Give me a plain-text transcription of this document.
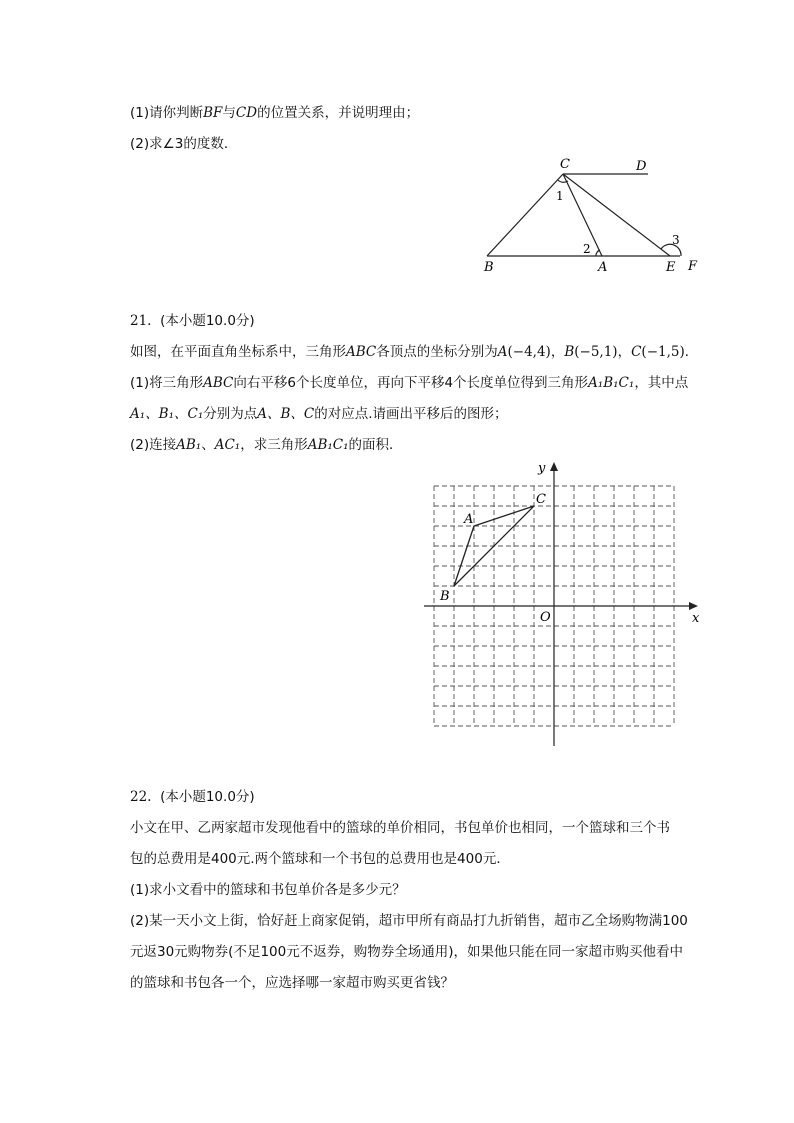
(1)请你判断BF与CD的位置关系，并说明理由；
(2)求∠3的度数．
C	D
B	A	E F
1
2
3
21. (本小题10.0分)
如图，在平面直角坐标系中，三角形ABC各顶点的坐标分别为A(−4,4)，B(−5,1)，C(−1,5)．
(1)将三角形ABC向右平移6个长度单位，再向下平移4个长度单位得到三角形A₁B₁C₁，其中点
A₁、B₁、C₁分别为点A、B、C的对应点.请画出平移后的图形；
(2)连接AB₁、AC₁，求三角形AB₁C₁的面积．
A
B
C
x
y
O
22. (本小题10.0分)
小文在甲、乙两家超市发现他看中的篮球的单价相同，书包单价也相同，一个篮球和三个书
包的总费用是400元.两个篮球和一个书包的总费用也是400元．
(1)求小文看中的篮球和书包单价各是多少元？
(2)某一天小文上街，恰好赶上商家促销，超市甲所有商品打九折销售，超市乙全场购物满100
元返30元购物券(不足100元不返券，购物券全场通用)，如果他只能在同一家超市购买他看中
的篮球和书包各一个，应选择哪一家超市购买更省钱？
